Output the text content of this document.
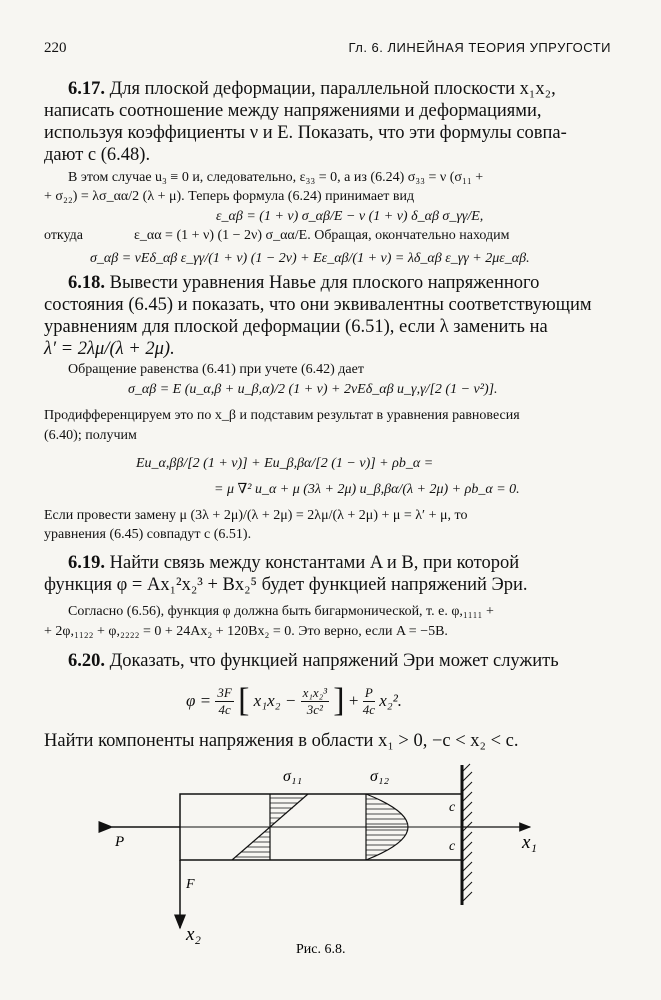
220	Гл. 6. ЛИНЕЙНАЯ ТЕОРИЯ УПРУГОСТИ
6.17. Для плоской деформации, параллельной плоскости x₁x₂,
написать соотношение между напряжениями и деформациями,
используя коэффициенты ν и E. Показать, что эти формулы совпа-
дают с (6.48).
В этом случае u₃ ≡ 0 и, следовательно, ε₃₃ = 0, а из (6.24) σ₃₃ = ν (σ₁₁ +
+ σ₂₂) = λσ_αα/2 (λ + μ). Теперь формула (6.24) принимает вид
ε_αβ = (1 + ν) σ_αβ/E − ν (1 + ν) δ_αβ σ_γγ/E,
откуда	ε_αα = (1 + ν) (1 − 2ν) σ_αα/E. Обращая, окончательно находим
σ_αβ = νEδ_αβ ε_γγ/(1 + ν) (1 − 2ν) + Eε_αβ/(1 + ν) = λδ_αβ ε_γγ + 2με_αβ.
6.18. Вывести уравнения Навье для плоского напряженного
состояния (6.45) и показать, что они эквивалентны соответствующим
уравнениям для плоской деформации (6.51), если λ заменить на
λ′ = 2λμ/(λ + 2μ).
Обращение равенства (6.41) при учете (6.42) дает
σ_αβ = E (u_α,β + u_β,α)/2 (1 + ν) + 2νEδ_αβ u_γ,γ/[2 (1 − ν²)].
Продифференцируем это по x_β и подставим результат в уравнения равновесия
(6.40); получим
Eu_α,ββ/[2 (1 + ν)] + Eu_β,βα/[2 (1 − ν)] + ρb_α =
= μ ∇² u_α + μ (3λ + 2μ) u_β,βα/(λ + 2μ) + ρb_α = 0.
Если провести замену μ (3λ + 2μ)/(λ + 2μ) = 2λμ/(λ + 2μ) + μ = λ′ + μ, то
уравнения (6.45) совпадут с (6.51).
6.19. Найти связь между константами A и B, при которой
функция φ = Ax₁²x₂³ + Bx₂⁵ будет функцией напряжений Эри.
Согласно (6.56), функция φ должна быть бигармонической, т. е. φ,₁₁₁₁ +
+ 2φ,₁₁₂₂ + φ,₂₂₂₂ = 0 + 24Ax₂ + 120Bx₂ = 0. Это верно, если A = −5B.
6.20. Доказать, что функцией напряжений Эри может служить
$\varphi = \frac{3F}{4c}$ [ $x_1x_2 - \frac{\text{x₁x₂³}}{\text{3c²}}$ ] + $\frac{P}{4c} x_2^2$.
Найти компоненты напряжения в области x₁ > 0, −c < x₂ < c.
σ₁₁	σ₁₂
c
c
P	x₁
F
x₂
Рис. 6.8.
